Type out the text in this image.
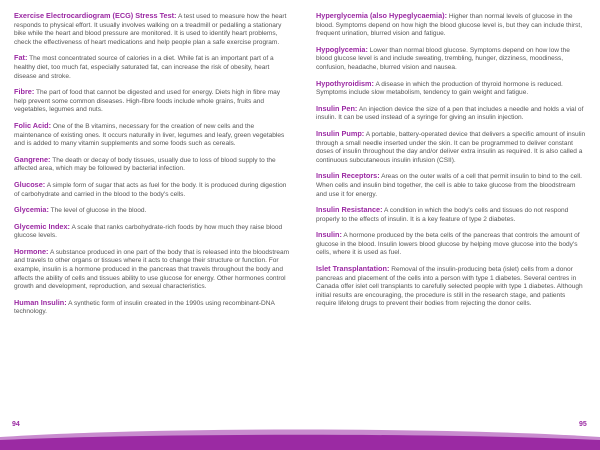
Exercise Electrocardiogram (ECG) Stress Test: A test used to measure how the heart responds to physical effort. It usually involves walking on a treadmill or pedalling a stationary bike while the heart and blood pressure are monitored. It is used to identify heart problems, check the effectiveness of heart medications and help people plan a safe exercise program.
Fat: The most concentrated source of calories in a diet. While fat is an important part of a healthy diet, too much fat, especially saturated fat, can increase the risk of obesity, heart disease and stroke.
Fibre: The part of food that cannot be digested and used for energy. Diets high in fibre may help prevent some common diseases. High-fibre foods include whole grains, fruits and vegetables, legumes and nuts.
Folic Acid: One of the B vitamins, necessary for the creation of new cells and the maintenance of existing ones. It occurs naturally in liver, legumes and leafy, green vegetables and is added to many vitamin supplements and some foods such as cereals.
Gangrene: The death or decay of body tissues, usually due to loss of blood supply to the affected area, which may be followed by bacterial infection.
Glucose: A simple form of sugar that acts as fuel for the body. It is produced during digestion of carbohydrate and carried in the blood to the body's cells.
Glycemia: The level of glucose in the blood.
Glycemic Index: A scale that ranks carbohydrate-rich foods by how much they raise blood glucose levels.
Hormone: A substance produced in one part of the body that is released into the bloodstream and travels to other organs or tissues where it acts to change their structure or function. For example, insulin is a hormone produced in the pancreas that travels throughout the body and affects the ability of cells and tissues ability to use glucose for energy. Other hormones control growth and development, reproduction, and sexual characteristics.
Human Insulin: A synthetic form of insulin created in the 1990s using recombinant-DNA technology.
Hyperglycemia (also Hypeglycaemia): Higher than normal levels of glucose in the blood. Symptoms depend on how high the blood glucose level is, but they can include thirst, frequent urination, blurred vision and fatigue.
Hypoglycemia: Lower than normal blood glucose. Symptoms depend on how low the blood glucose level is and include sweating, trembling, hunger, dizziness, moodiness, confusion, headache, blurred vision and nausea.
Hypothyroidism: A disease in which the production of thyroid hormone is reduced. Symptoms include slow metabolism, tendency to gain weight and fatigue.
Insulin Pen: An injection device the size of a pen that includes a needle and holds a vial of insulin. It can be used instead of a syringe for giving an insulin injection.
Insulin Pump: A portable, battery-operated device that delivers a specific amount of insulin through a small needle inserted under the skin. It can be programmed to deliver constant doses of insulin throughout the day and/or deliver extra insulin as required. It is also called a continuous subcutaneous insulin infusion (CSII).
Insulin Receptors: Areas on the outer walls of a cell that permit insulin to bind to the cell. When cells and insulin bind together, the cell is able to take glucose from the bloodstream and use it for energy.
Insulin Resistance: A condition in which the body's cells and tissues do not respond properly to the effects of insulin. It is a key feature of type 2 diabetes.
Insulin: A hormone produced by the beta cells of the pancreas that controls the amount of glucose in the blood. Insulin lowers blood glucose by helping move glucose into the body's cells, where it is used as fuel.
Islet Transplantation: Removal of the insulin-producing beta (islet) cells from a donor pancreas and placement of the cells into a person with type 1 diabetes. Several centres in Canada offer islet cell transplants to carefully selected people with type 1 diabetes. Although initial results are encouraging, the procedure is still in the research stage, and patients require lifelong drugs to prevent their bodies from rejecting the donor cells.
94	95
